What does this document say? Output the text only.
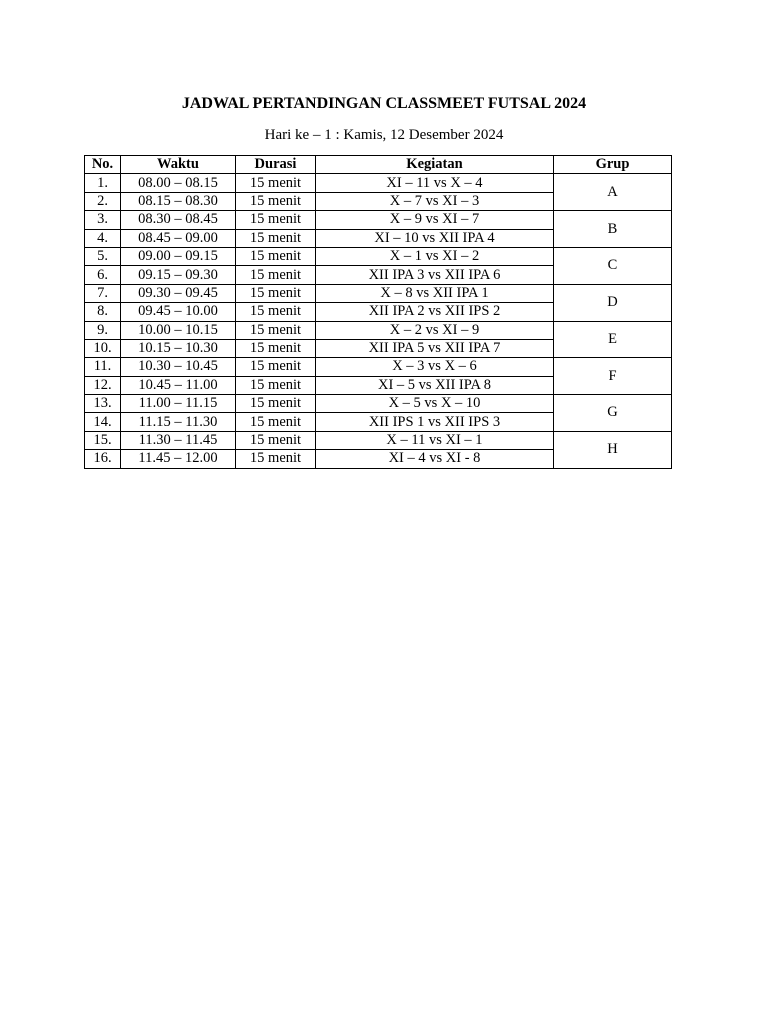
JADWAL PERTANDINGAN CLASSMEET FUTSAL 2024
Hari ke – 1 : Kamis, 12 Desember 2024
No.	Waktu	Durasi	Kegiatan	Grup
1.	08.00 – 08.15	15 menit	XI – 11 vs X – 4	A
2.	08.15 – 08.30	15 menit	X – 7 vs XI – 3	
3.	08.30 – 08.45	15 menit	X – 9 vs XI – 7	B
4.	08.45 – 09.00	15 menit	XI – 10 vs XII IPA 4	
5.	09.00 – 09.15	15 menit	X – 1 vs XI – 2	C
6.	09.15 – 09.30	15 menit	XII IPA 3 vs XII IPA 6	
7.	09.30 – 09.45	15 menit	X – 8 vs XII IPA 1	D
8.	09.45 – 10.00	15 menit	XII IPA 2 vs XII IPS 2	
9.	10.00 – 10.15	15 menit	X – 2 vs XI – 9	E
10.	10.15 – 10.30	15 menit	XII IPA 5 vs XII IPA 7	
11.	10.30 – 10.45	15 menit	X – 3 vs X – 6	F
12.	10.45 – 11.00	15 menit	XI – 5 vs XII IPA 8	
13.	11.00 – 11.15	15 menit	X – 5 vs X – 10	G
14.	11.15 – 11.30	15 menit	XII IPS 1 vs XII IPS 3	
15.	11.30 – 11.45	15 menit	X – 11 vs XI – 1	H
16.	11.45 – 12.00	15 menit	XI – 4 vs XI - 8	
